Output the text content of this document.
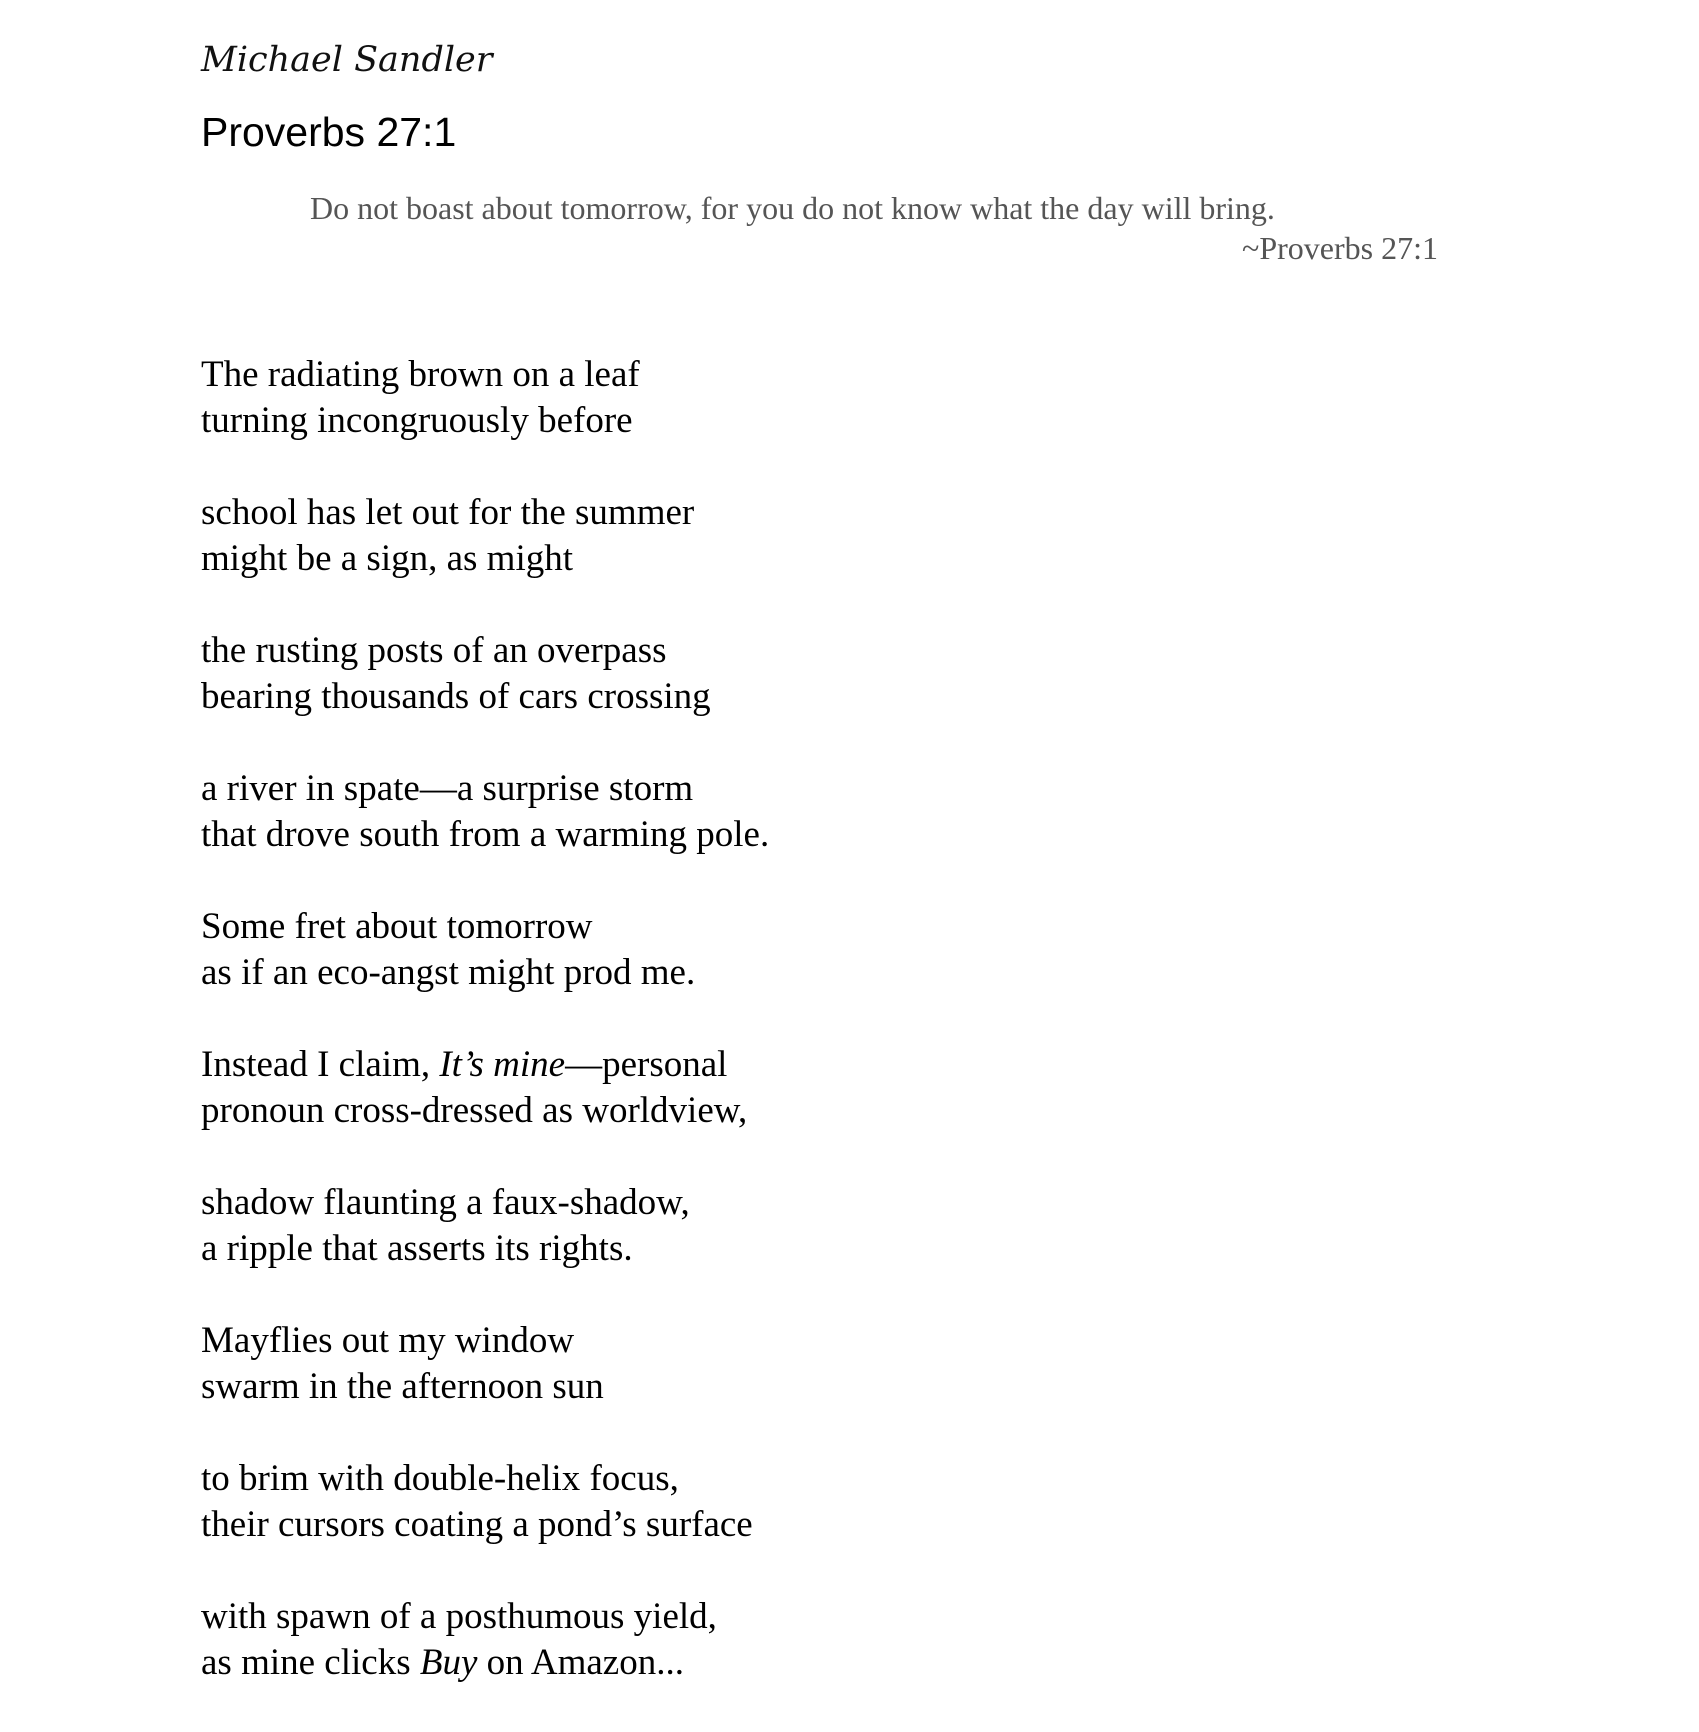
Michael Sandler

Proverbs 27:1
Do not boast about tomorrow, for you do not know what the day will bring.
~Proverbs 27:1
The radiating brown on a leaf
turning incongruously before
school has let out for the summer
might be a sign, as might
the rusting posts of an overpass
bearing thousands of cars crossing
a river in spate—a surprise storm
that drove south from a warming pole.
Some fret about tomorrow
as if an eco-angst might prod me.
Instead I claim, It’s mine—personal
pronoun cross-dressed as worldview,
shadow flaunting a faux-shadow,
a ripple that asserts its rights.
Mayflies out my window
swarm in the afternoon sun
to brim with double-helix focus,
their cursors coating a pond’s surface
with spawn of a posthumous yield,
as mine clicks Buy on Amazon...
